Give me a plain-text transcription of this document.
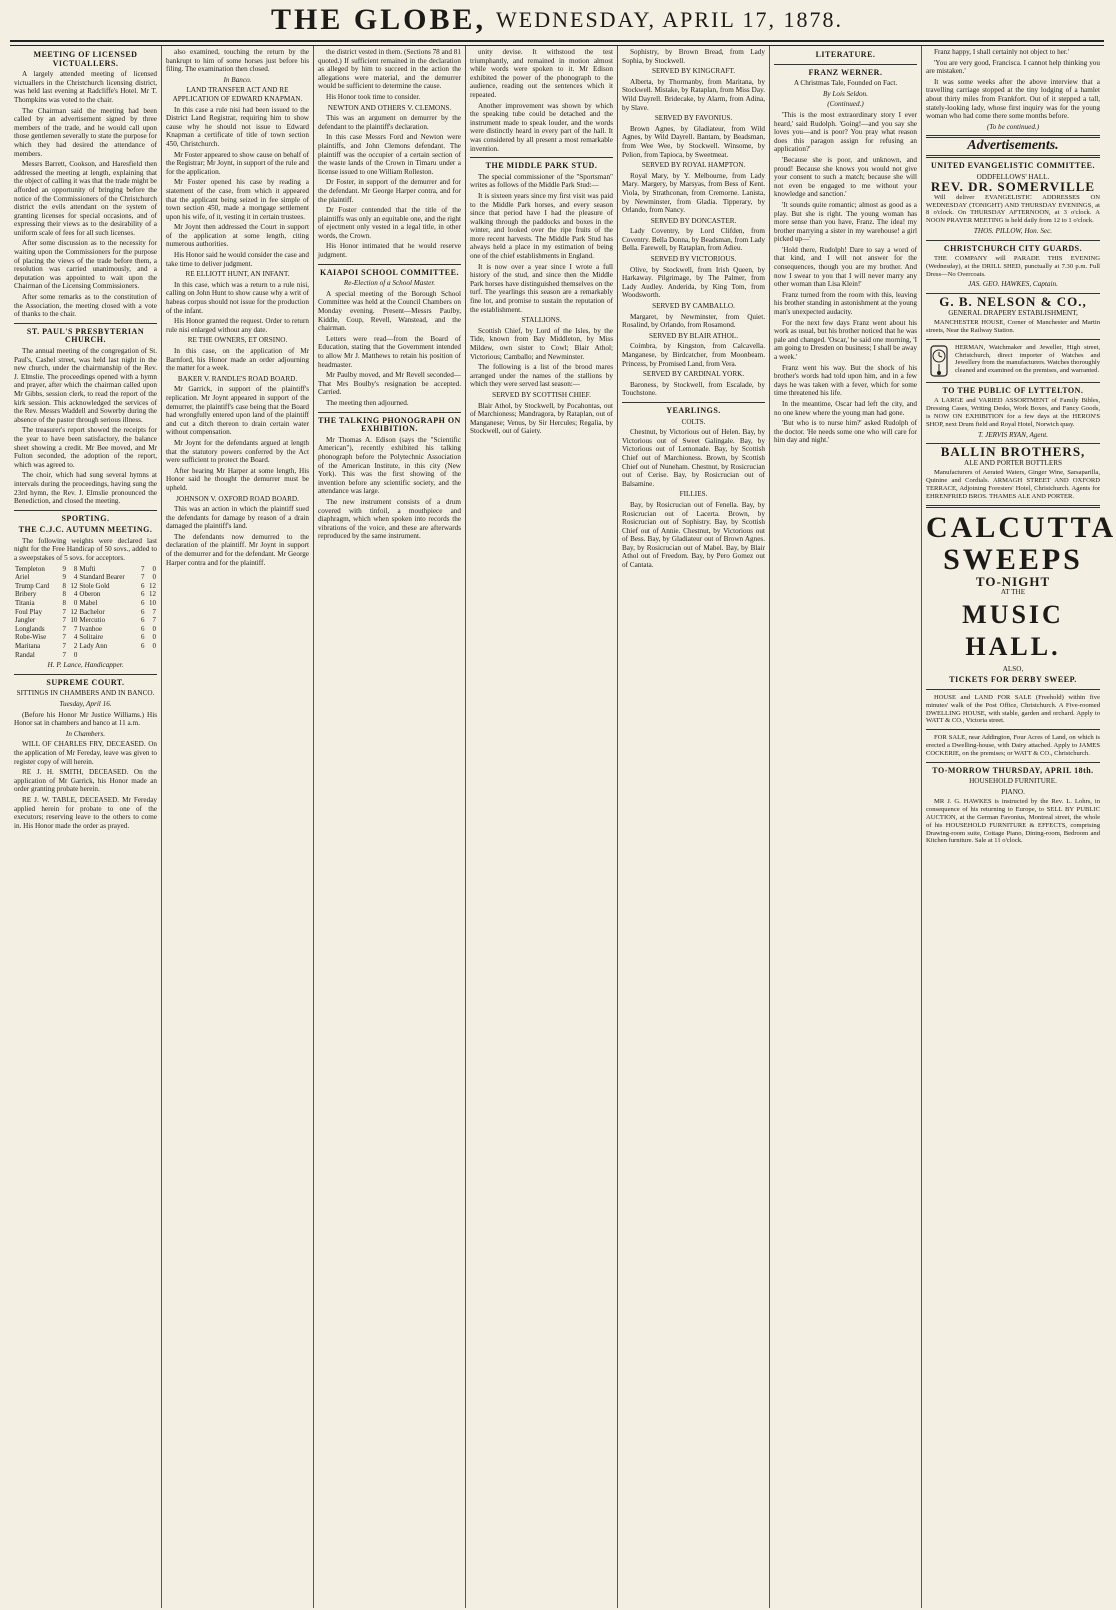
THE GLOBE, WEDNESDAY, APRIL 17, 1878.
MEETING OF LICENSED VICTUALLERS.

A largely attended meeting of licensed victuallers in the Christchurch licensing district, was held last evening at Radcliffe's Hotel. Mr T. Thompkins was voted to the chair.

The Chairman said the meeting had been called by an advertisement signed by three members of the trade, and he would call upon those gentlemen severally to state the purpose for which they had desired the attendance of members.

Messrs Barrett, Cookson, and Haresfield then addressed the meeting at length, explaining that the object of calling it was that the trade might be afforded an opportunity of bringing before the notice of the Commissioners of the Christchurch district the evils attendant on the system of granting licenses for special occasions, and of expressing their views as to the desirability of a uniform scale of fees for all such licenses.

After some discussion as to the necessity for waiting upon the Commissioners for the purpose of placing the views of the trade before them, a resolution was carried unanimously, and a deputation was appointed to wait upon the Chairman of the Licensing Commissioners.

After some remarks as to the constitution of the Association, the meeting closed with a vote of thanks to the chair.

ST. PAUL'S PRESBYTERIAN CHURCH.

The annual meeting of the congregation of St. Paul's, Cashel street, was held last night in the new church, under the chairmanship of the Rev. J. Elmslie. The proceedings opened with a hymn and prayer, after which the chairman called upon Mr Gibbs, session clerk, to read the report of the kirk session. This acknowledged the services of the Rev. Messrs Waddell and Sowerby during the absence of the pastor through serious illness.

The treasurer's report showed the receipts for the year to have been satisfactory, the balance sheet showing a credit. Mr Bee moved, and Mr Fulton seconded, the adoption of the report, which was agreed to.

The choir, which had sung several hymns at intervals during the proceedings, having sung the 23rd hymn, the Rev. J. Elmslie pronounced the Benediction, and closed the meeting.

SPORTING.
THE C.J.C. AUTUMN MEETING.

The following weights were declared last night for the Free Handicap of 50 sovs., added to a sweepstakes of 5 sovs. for acceptors.

Templeton	9	8	Mufti	7	0
Ariel	9	4	Standard Bearer	7	0
Trump Card	8	12	Stole Gold	6	12
Bribery	8	4	Oberon	6	12
Titania	8	0	Mabel	6	10
Foul Play	7	12	Bachelor	6	7
Jangler	7	10	Mercutio	6	7
Longlands	7	7	Ivanhoe	6	0
Robe-Wise	7	4	Solitaire	6	0
Maritana	7	2	Lady Ann	6	0
Randal	7	0			
H. P. Lance, Handicapper.
SUPREME COURT.
SITTINGS IN CHAMBERS AND IN BANCO.
Tuesday, April 16.

(Before his Honor Mr Justice Williams.) His Honor sat in chambers and banco at 11 a.m.

In Chambers.

WILL OF CHARLES FRY, DECEASED. On the application of Mr Fereday, leave was given to register copy of will herein.

RE J. H. SMITH, DECEASED. On the application of Mr Garrick, his Honor made an order granting probate herein.

RE J. W. TABLE, DECEASED. Mr Fereday applied herein for probate to one of the executors; reserving leave to the others to come in. His Honor made the order as prayed.

also examined, touching the return by the bankrupt to him of some horses just before his filing. The examination then closed.

In Banco.
LAND TRANSFER ACT AND RE APPLICATION OF EDWARD KNAPMAN.

In this case a rule nisi had been issued to the District Land Registrar, requiring him to show cause why he should not issue to Edward Knapman a certificate of title of town section 450, Christchurch.

Mr Foster appeared to show cause on behalf of the Registrar; Mr Joynt, in support of the rule and for the application.

Mr Foster opened his case by reading a statement of the case, from which it appeared that the applicant being seized in fee simple of town section 450, made a mortgage settlement upon his wife, of it, vesting it in certain trustees.

Mr Joynt then addressed the Court in support of the application at some length, citing numerous authorities.

His Honor said he would consider the case and take time to deliver judgment.

RE ELLIOTT HUNT, AN INFANT.

In this case, which was a return to a rule nisi, calling on John Hunt to show cause why a writ of habeas corpus should not issue for the production of the infant.

His Honor granted the request. Order to return rule nisi enlarged without any date.

RE THE OWNERS, ET ORSINO.

In this case, on the application of Mr Barnford, his Honor made an order adjourning the matter for a week.

BAKER V. RANDLE'S ROAD BOARD.

Mr Garrick, in support of the plaintiff's replication. Mr Joynt appeared in support of the demurrer, the plaintiff's case being that the Board had wrongfully entered upon land of the plaintiff and cut a ditch thereon to drain certain water without compensation.

Mr Joynt for the defendants argued at length that the statutory powers conferred by the Act were sufficient to protect the Board.

After hearing Mr Harper at some length, His Honor said he thought the demurrer must be upheld.

JOHNSON V. OXFORD ROAD BOARD.

This was an action in which the plaintiff sued the defendants for damage by reason of a drain damaged the plaintiff's land.

The defendants now demurred to the declaration of the plaintiff. Mr Joynt in support of the demurrer and for the defendant. Mr George Harper contra and for the plaintiff.

the district vested in them. (Sections 78 and 81 quoted.) If sufficient remained in the declaration as alleged by him to succeed in the action the allegations were material, and the demurrer would be sufficient to determine the cause.

His Honor took time to consider.

NEWTON AND OTHERS V. CLEMONS.

This was an argument on demurrer by the defendant to the plaintiff's declaration.

In this case Messrs Ford and Newton were plaintiffs, and John Clemons defendant. The plaintiff was the occupier of a certain section of the waste lands of the Crown in Timaru under a license issued to one William Rolleston.

Dr Foster, in support of the demurrer and for the defendant. Mr George Harper contra, and for the plaintiff.

Dr Foster contended that the title of the plaintiffs was only an equitable one, and the right of ejectment only vested in a legal title, in other words, the Crown.

His Honor intimated that he would reserve judgment.

KAIAPOI SCHOOL COMMITTEE.
Re-Election of a School Master.

A special meeting of the Borough School Committee was held at the Council Chambers on Monday evening. Present—Messrs Paulby, Kiddle, Coup, Revell, Wanstead, and the chairman.

Letters were read—from the Board of Education, stating that the Government intended to allow Mr J. Matthews to retain his position of headmaster.

Mr Paulby moved, and Mr Revell seconded—That Mrs Boulby's resignation be accepted. Carried.

The meeting then adjourned.

THE TALKING PHONOGRAPH ON EXHIBITION.

Mr Thomas A. Edison (says the "Scientific American"), recently exhibited his talking phonograph before the Polytechnic Association of the American Institute, in this city (New York). This was the first showing of the invention before any scientific society, and the attendance was large.

The new instrument consists of a drum covered with tinfoil, a mouthpiece and diaphragm, which when spoken into records the vibrations of the voice, and these are afterwards reproduced by the same instrument.

unity devise. It withstood the test triumphantly, and remained in motion almost while words were spoken to it. Mr Edison exhibited the power of the phonograph to the audience, reading out the sentences which it repeated.

Another improvement was shown by which the speaking tube could be detached and the instrument made to speak louder, and the words were distinctly heard in every part of the hall. It was considered by all present a most remarkable invention.

THE MIDDLE PARK STUD.

The special commissioner of the "Sportsman" writes as follows of the Middle Park Stud:—

It is sixteen years since my first visit was paid to the Middle Park horses, and every season since that period have I had the pleasure of walking through the paddocks and boxes in the winter, and looked over the ripe fruits of the more recent harvests. The Middle Park Stud has always held a place in my estimation of being one of the chief establishments in England.

It is now over a year since I wrote a full history of the stud, and since then the Middle Park horses have distinguished themselves on the turf. The yearlings this season are a remarkably fine lot, and promise to sustain the reputation of the establishment.

STALLIONS.

Scottish Chief, by Lord of the Isles, by the Tide, known from Bay Middleton, by Miss Mildew, own sister to Cowl; Blair Athol; Victorious; Camballo; and Newminster.

The following is a list of the brood mares arranged under the names of the stallions by which they were served last season:—

SERVED BY SCOTTISH CHIEF.

Blair Athol, by Stockwell, by Pocahontas, out of Marchioness; Mandragora, by Rataplan, out of Manganese; Venus, by Sir Hercules; Regalia, by Stockwell, out of Gaiety.

Sophistry, by Brown Bread, from Lady Sophia, by Stockwell.

SERVED BY KINGCRAFT.

Alberta, by Thormanby, from Maritana, by Stockwell. Mistake, by Rataplan, from Miss Day. Wild Dayrell. Bridecake, by Alarm, from Adina, by Slave.

SERVED BY FAVONIUS.

Brown Agnes, by Gladiateur, from Wild Agnes, by Wild Dayrell. Bantam, by Beadsman, from Wee Wee, by Stockwell. Winsome, by Pelion, from Tapioca, by Sweetmeat.

SERVED BY ROYAL HAMPTON.

Royal Mary, by Y. Melbourne, from Lady Mary. Margery, by Marsyas, from Bess of Kent. Viola, by Strathconan, from Cremorne. Lanista, by Newminster, from Gladia. Tipperary, by Orlando, from Nancy.

SERVED BY DONCASTER.

Lady Coventry, by Lord Clifden, from Coventry. Bella Donna, by Beadsman, from Lady Bella. Farewell, by Rataplan, from Adieu.

SERVED BY VICTORIOUS.

Olive, by Stockwell, from Irish Queen, by Harkaway. Pilgrimage, by The Palmer, from Lady Audley. Anderida, by King Tom, from Woodsworth.

SERVED BY CAMBALLO.

Margaret, by Newminster, from Quiet. Rosalind, by Orlando, from Rosamond.

SERVED BY BLAIR ATHOL.

Coimbra, by Kingston, from Calcavella. Manganese, by Birdcatcher, from Moonbeam. Princess, by Promised Land, from Vera.

SERVED BY CARDINAL YORK.

Baroness, by Stockwell, from Escalade, by Touchstone.

YEARLINGS.
COLTS.

Chestnut, by Victorious out of Helen. Bay, by Victorious out of Sweet Galingale. Bay, by Victorious out of Lemonade. Bay, by Scottish Chief out of Marchioness. Brown, by Scottish Chief out of Nuneham. Chestnut, by Rosicrucian out of Cerise. Bay, by Rosicrucian out of Balsamine.

FILLIES.

Bay, by Rosicrucian out of Fenella. Bay, by Rosicrucian out of Lacerta. Brown, by Rosicrucian out of Sophistry. Bay, by Scottish Chief out of Annie. Chestnut, by Victorious out of Bess. Bay, by Gladiateur out of Brown Agnes. Bay, by Rosicrucian out of Mabel. Bay, by Blair Athol out of Freedom. Bay, by Pero Gomez out of Cantata.

LITERATURE.
FRANZ WERNER.
A Christmas Tale, Founded on Fact.
By Lois Seldon.
(Continued.)

'This is the most extraordinary story I ever heard,' said Rudolph. 'Going!—and you say she loves you—and is poor? You pray what reason does this paragon assign for refusing an application?'

'Because she is poor, and unknown, and proud! Because she knows you would not give your consent to such a match; because she will not even be engaged to me without your knowledge and sanction.'

'It sounds quite romantic; almost as good as a play. But she is right. The young woman has more sense than you have, Franz. The idea! my brother marrying a sister in my warehouse! a girl picked up—'

'Hold there, Rudolph! Dare to say a word of that kind, and I will not answer for the consequences, though you are my brother. And now I swear to you that I will never marry any other woman than Lisa Klein!'

Franz turned from the room with this, leaving his brother standing in astonishment at the young man's unexpected audacity.

For the next few days Franz went about his work as usual, but his brother noticed that he was pale and changed. 'Oscar,' he said one morning, 'I am going to Dresden on business; I shall be away a week.'

Franz went his way. But the shock of his brother's words had told upon him, and in a few days he was taken with a fever, which for some time threatened his life.

In the meantime, Oscar had left the city, and no one knew where the young man had gone.

'But who is to nurse him?' asked Rudolph of the doctor. 'He needs some one who will care for him day and night.'

Franz happy, I shall certainly not object to her.'

'You are very good, Francisca. I cannot help thinking you are mistaken.'

It was some weeks after the above interview that a travelling carriage stopped at the tiny lodging of a hamlet about thirty miles from Frankfort. Out of it stepped a tall, stately-looking lady, whose first inquiry was for the young woman who had come there some months before.

(To be continued.)
Advertisements.
UNITED EVANGELISTIC COMMITTEE.
ODDFELLOWS' HALL.
REV. DR. SOMERVILLE

Will deliver EVANGELISTIC ADDRESSES ON WEDNESDAY (TONIGHT) AND THURSDAY EVENINGS, at 8 o'clock. On THURSDAY AFTERNOON, at 3 o'clock. A NOON PRAYER MEETING is held daily from 12 to 1 o'clock.

THOS. PILLOW, Hon. Sec.
CHRISTCHURCH CITY GUARDS.

THE COMPANY will PARADE THIS EVENING (Wednesday), at the DRILL SHED, punctually at 7.30 p.m. Full Dress—No Overcoats.

JAS. GEO. HAWKES, Captain.
G. B. NELSON & CO.,
GENERAL DRAPERY ESTABLISHMENT,

MANCHESTER HOUSE, Corner of Manchester and Martin streets, Near the Railway Station.

HERMAN, Watchmaker and Jeweller, High street, Christchurch, direct importer of Watches and Jewellery from the manufacturers. Watches thoroughly cleaned and examined on the premises, and warranted.

TO THE PUBLIC OF LYTTELTON.

A LARGE and VARIED ASSORTMENT of Family Bibles, Dressing Cases, Writing Desks, Work Boxes, and Fancy Goods, is NOW ON EXHIBITION for a few days at the HERON'S SHOP, next Drum field and Royal Hotel, Norwich quay.

T. JERVIS RYAN, Agent.
BALLIN BROTHERS,
ALE AND PORTER BOTTLERS

Manufacturers of Aerated Waters, Ginger Wine, Sarsaparilla, Quinine and Cordials. ARMAGH STREET AND OXFORD TERRACE, Adjoining Foresters' Hotel, Christchurch. Agents for EHRENFRIED BROS. THAMES ALE AND PORTER.

CALCUTTA SWEEPS
TO-NIGHT
AT THE
MUSIC HALL.
ALSO,
TICKETS FOR DERBY SWEEP.

HOUSE and LAND FOR SALE (Freehold) within five minutes' walk of the Post Office, Christchurch. A Five-roomed DWELLING HOUSE, with stable, garden and orchard. Apply to WATT & CO., Victoria street.

FOR SALE, near Addington, Four Acres of Land, on which is erected a Dwelling-house, with Dairy attached. Apply to JAMES COCKERIE, on the premises; or WATT & CO., Christchurch.

TO-MORROW THURSDAY, APRIL 18th.
HOUSEHOLD FURNITURE.
PIANO.

MR J. G. HAWKES is instructed by the Rev. L. Lohrs, in consequence of his returning to Europe, to SELL BY PUBLIC AUCTION, at the German Favonius, Montreal street, the whole of his HOUSEHOLD FURNITURE & EFFECTS, comprising Drawing-room suite, Cottage Piano, Dining-room, Bedroom and Kitchen furniture. Sale at 11 o'clock.
